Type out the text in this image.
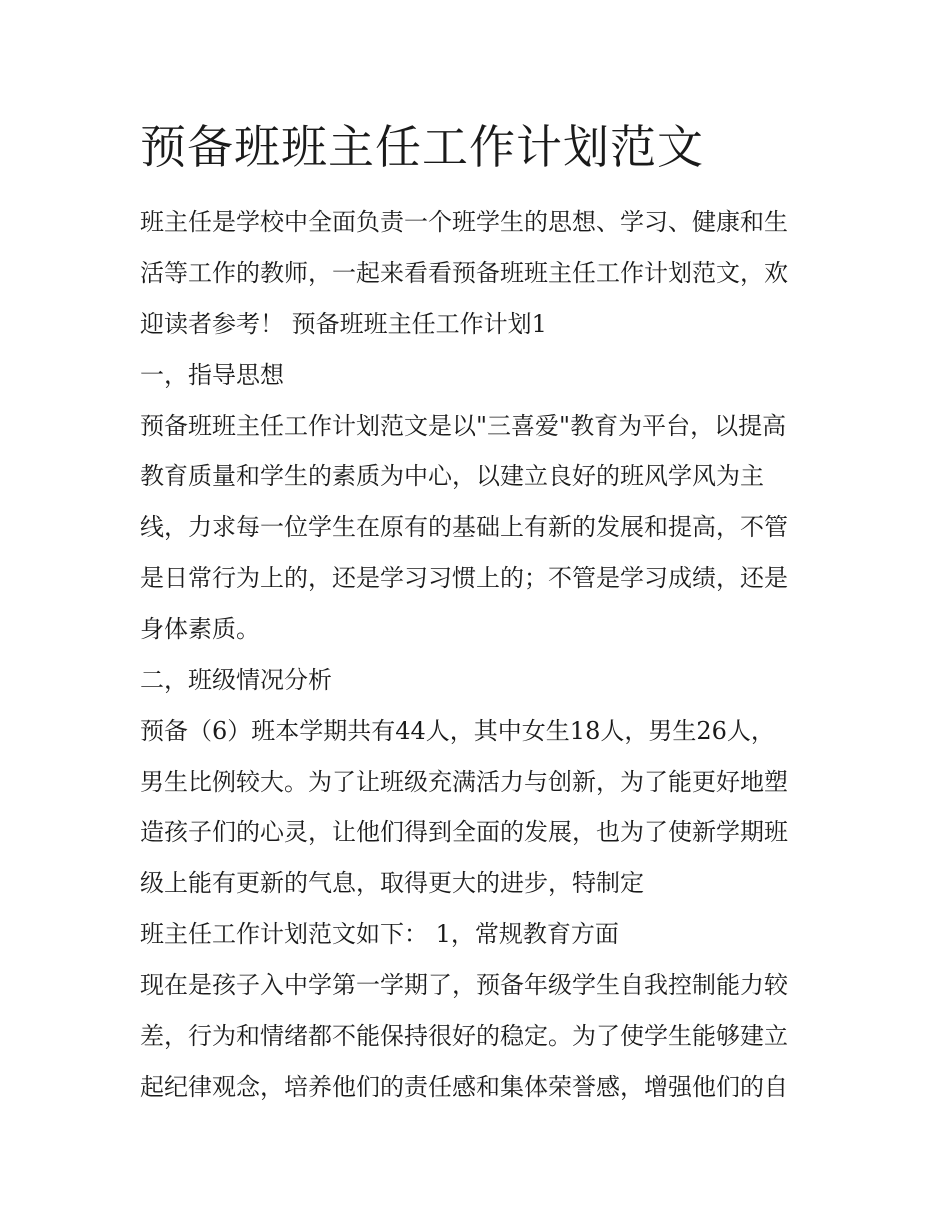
预备班班主任工作计划范文

班主任是学校中全面负责一个班学生的思想、学习、健康和生

活等工作的教师，一起来看看预备班班主任工作计划范文，欢

迎读者参考！ 预备班班主任工作计划1

一，指导思想

预备班班主任工作计划范文是以"三喜爱"教育为平台，以提高

教育质量和学生的素质为中心，以建立良好的班风学风为主

线，力求每一位学生在原有的基础上有新的发展和提高，不管

是日常行为上的，还是学习习惯上的；不管是学习成绩，还是

身体素质。

二，班级情况分析

预备（6）班本学期共有44人，其中女生18人，男生26人，

男生比例较大。为了让班级充满活力与创新，为了能更好地塑

造孩子们的心灵，让他们得到全面的发展，也为了使新学期班

级上能有更新的气息，取得更大的进步，特制定

班主任工作计划范文如下： 1，常规教育方面

现在是孩子入中学第一学期了，预备年级学生自我控制能力较

差，行为和情绪都不能保持很好的稳定。为了使学生能够建立

起纪律观念，培养他们的责任感和集体荣誉感，增强他们的自
